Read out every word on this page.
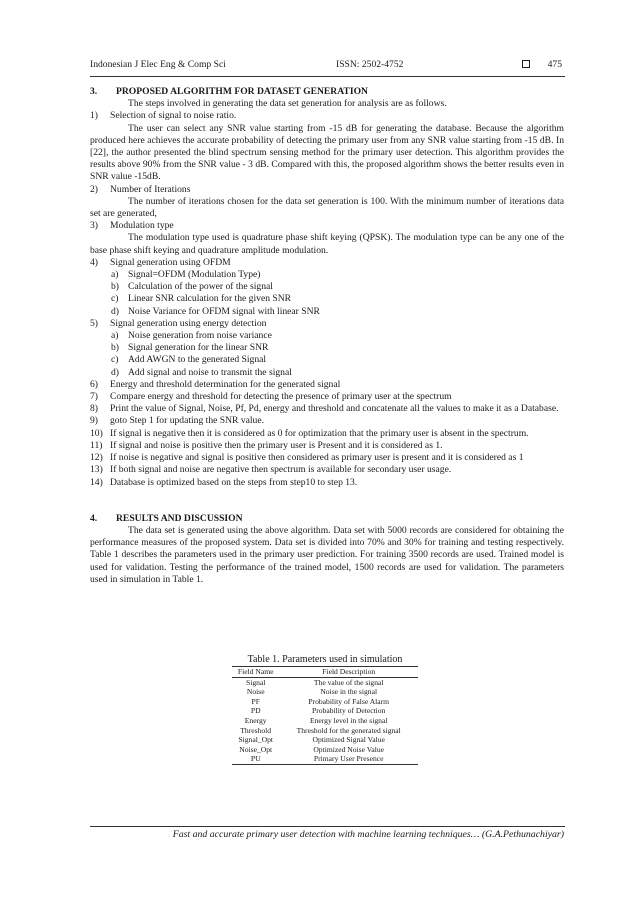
Indonesian J Elec Eng & Comp Sci	ISSN: 2502-4752	475

3. PROPOSED ALGORITHM FOR DATASET GENERATION

The steps involved in generating the data set generation for analysis are as follows.

1) Selection of signal to noise ratio.

The user can select any SNR value starting from -15 dB for generating the database. Because the algorithm produced here achieves the accurate probability of detecting the primary user from any SNR value starting from -15 dB. In [22], the author presented the blind spectrum sensing method for the primary user detection. This algorithm provides the results above 90% from the SNR value - 3 dB. Compared with this, the proposed algorithm shows the better results even in SNR value -15dB.

2) Number of Iterations

The number of iterations chosen for the data set generation is 100. With the minimum number of iterations data set are generated,

3) Modulation type

The modulation type used is quadrature phase shift keying (QPSK). The modulation type can be any one of the base phase shift keying and quadrature amplitude modulation.

4) Signal generation using OFDM

a) Signal=OFDM (Modulation Type)

b) Calculation of the power of the signal

c) Linear SNR calculation for the given SNR

d) Noise Variance for OFDM signal with linear SNR

5) Signal generation using energy detection

a) Noise generation from noise variance

b) Signal generation for the linear SNR

c) Add AWGN to the generated Signal

d) Add signal and noise to transmit the signal

6) Energy and threshold determination for the generated signal

7) Compare energy and threshold for detecting the presence of primary user at the spectrum

8) Print the value of Signal, Noise, Pf, Pd, energy and threshold and concatenate all the values to make it as a Database.

9) goto Step 1 for updating the SNR value.

10) If signal is negative then it is considered as 0 for optimization that the primary user is absent in the spectrum.

11) If signal and noise is positive then the primary user is Present and it is considered as 1.

12) If noise is negative and signal is positive then considered as primary user is present and it is considered as 1

13) If both signal and noise are negative then spectrum is available for secondary user usage.

14) Database is optimized based on the steps from step10 to step 13.

4. RESULTS AND DISCUSSION

The data set is generated using the above algorithm. Data set with 5000 records are considered for obtaining the performance measures of the proposed system. Data set is divided into 70% and 30% for training and testing respectively. Table 1 describes the parameters used in the primary user prediction. For training 3500 records are used. Trained model is used for validation. Testing the performance of the trained model, 1500 records are used for validation. The parameters used in simulation in Table 1.

Table 1. Parameters used in simulation

Field Name	Field Description
Signal	The value of the signal
Noise	Noise in the signal
PF	Probability of False Alarm
PD	Probability of Detection
Energy	Energy level in the signal
Threshold	Threshold for the generated signal
Signal_Opt	Optimized Signal Value
Noise_Opt	Optimized Noise Value
PU	Primary User Presence
Fast and accurate primary user detection with machine learning techniques… (G.A.Pethunachiyar)
